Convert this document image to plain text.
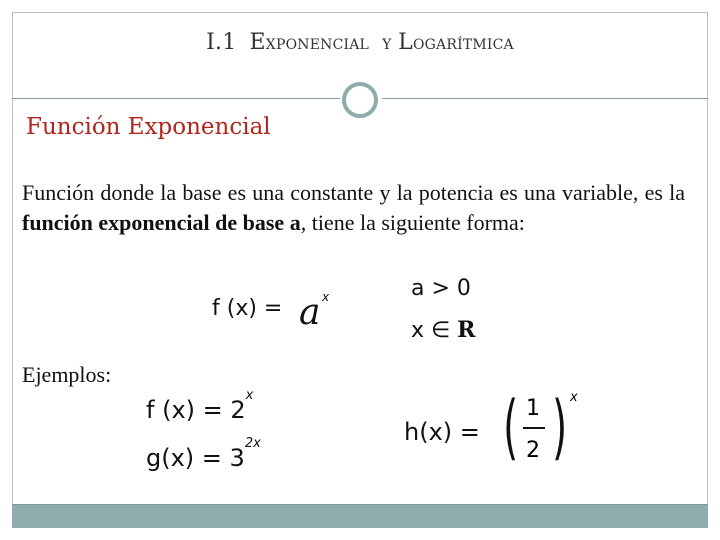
I.1 EXPONENCIAL Y LOGARÍTMICA
Función Exponencial
Función donde la base es una constante y la potencia es una variable, es la función exponencial de base a, tiene la siguiente forma:
f (x) = a x	a > 0
x ∈ R
Ejemplos:
f $(x) = 2^x$
$g(x) = 3^{2x}$	h(x) = ( 1
2 ) x
